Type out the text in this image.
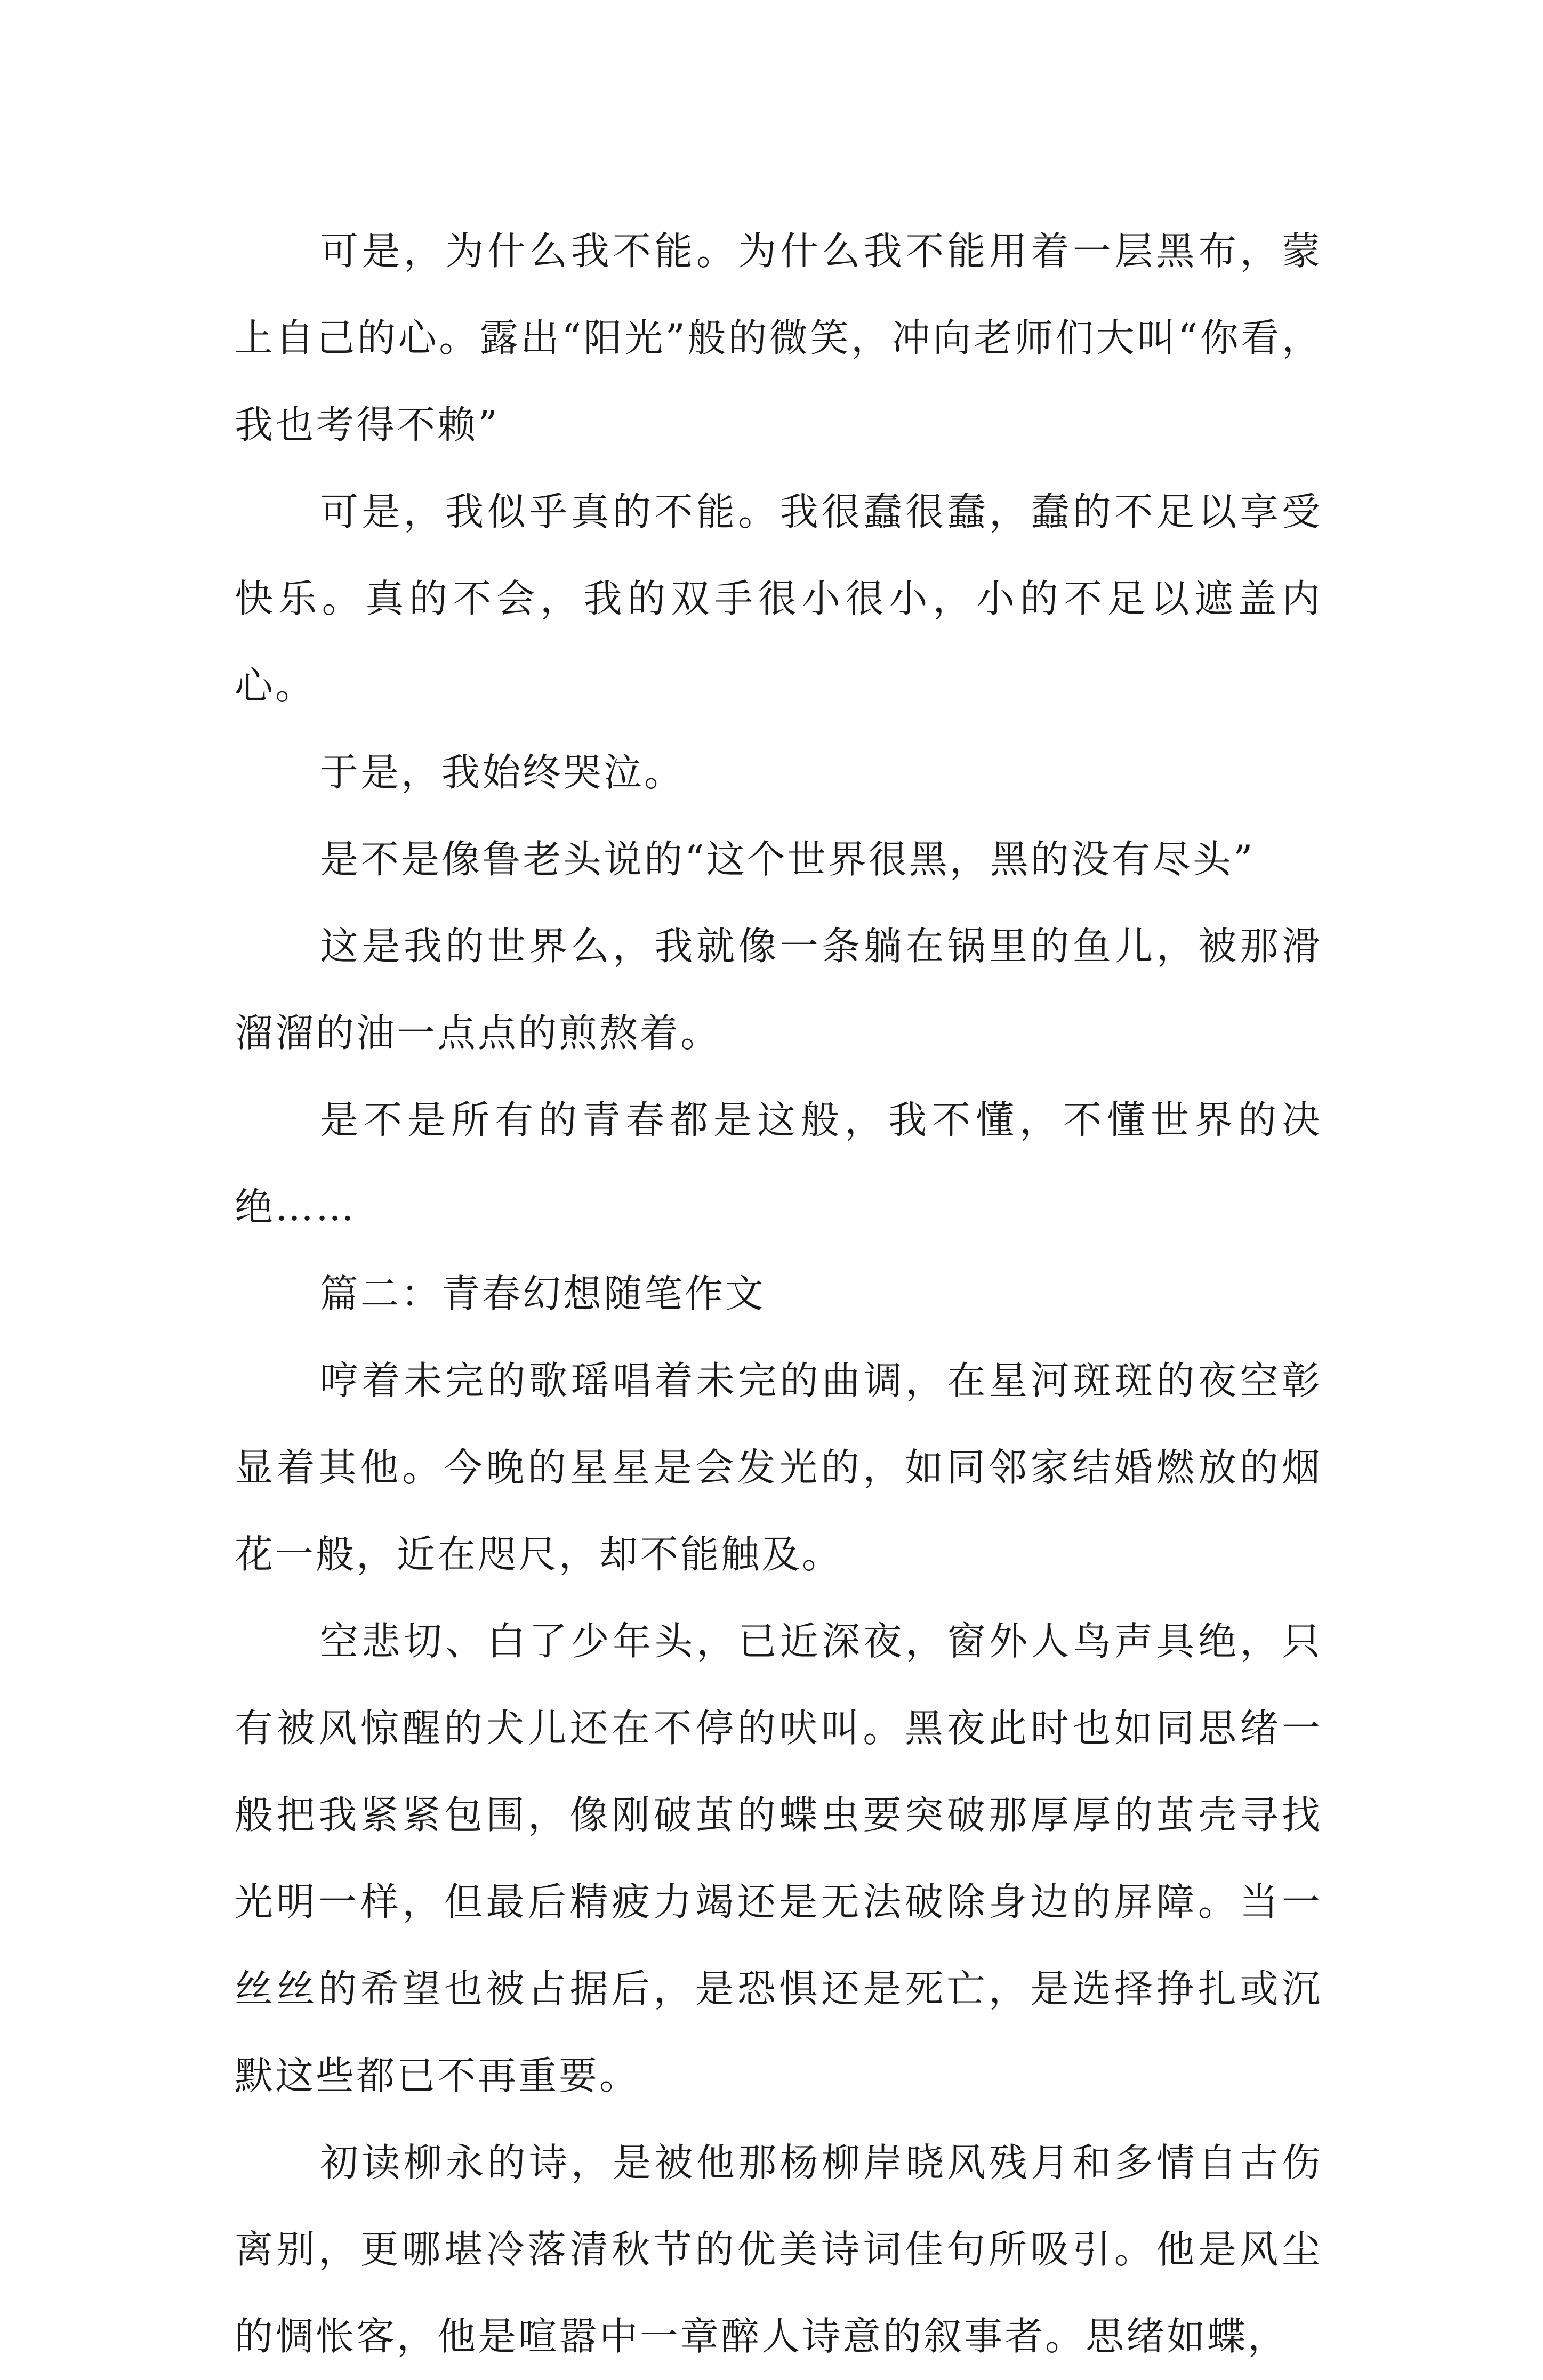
可是，为什么我不能。为什么我不能用着一层黑布，蒙上自己的心。露出“阳光”般的微笑，冲向老师们大叫“你看，我也考得不赖”

可是，我似乎真的不能。我很蠢很蠢，蠢的不足以享受快乐。真的不会，我的双手很小很小，小的不足以遮盖内心。

于是，我始终哭泣。

是不是像鲁老头说的“这个世界很黑，黑的没有尽头”

这是我的世界么，我就像一条躺在锅里的鱼儿，被那滑溜溜的油一点点的煎熬着。

是不是所有的青春都是这般，我不懂，不懂世界的决绝……

篇二：青春幻想随笔作文

哼着未完的歌瑶唱着未完的曲调，在星河斑斑的夜空彰显着其他。今晚的星星是会发光的，如同邻家结婚燃放的烟花一般，近在咫尺，却不能触及。

空悲切、白了少年头，已近深夜，窗外人鸟声具绝，只有被风惊醒的犬儿还在不停的吠叫。黑夜此时也如同思绪一般把我紧紧包围，像刚破茧的蝶虫要突破那厚厚的茧壳寻找光明一样，但最后精疲力竭还是无法破除身边的屏障。当一丝丝的希望也被占据后，是恐惧还是死亡，是选择挣扎或沉默这些都已不再重要。

初读柳永的诗，是被他那杨柳岸晓风残月和多情自古伤离别，更哪堪冷落清秋节的优美诗词佳句所吸引。他是风尘的惆怅客，他是喧嚣中一章醉人诗意的叙事者。思绪如蝶，
